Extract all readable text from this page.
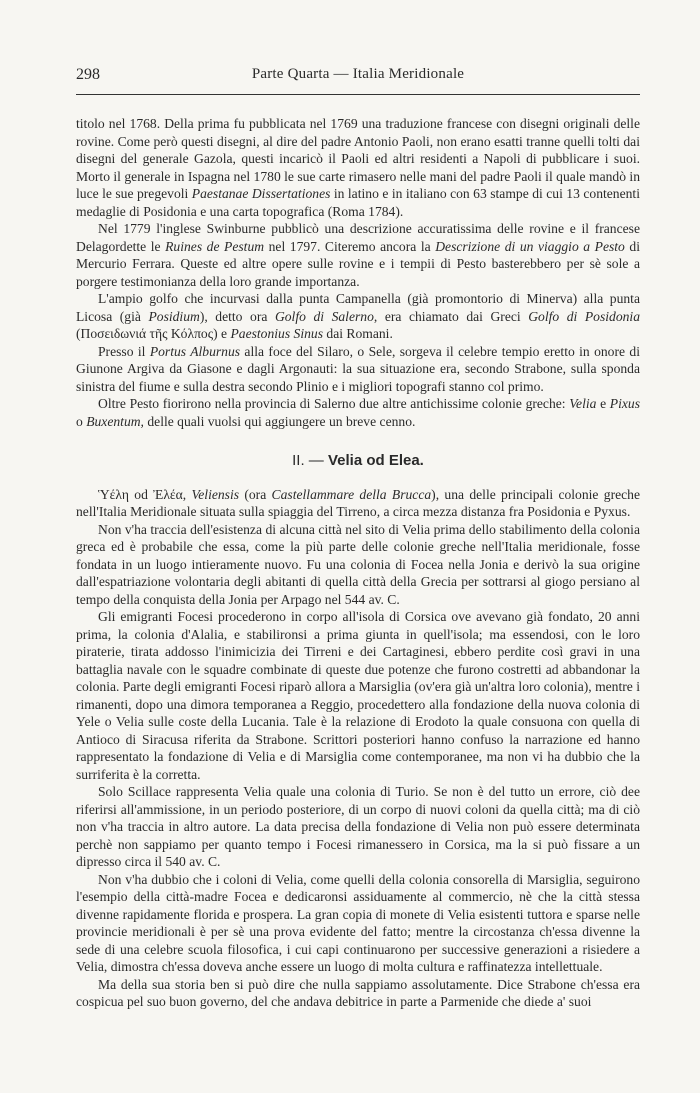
298	Parte Quarta — Italia Meridionale

titolo nel 1768. Della prima fu pubblicata nel 1769 una traduzione francese con disegni originali delle rovine. Come però questi disegni, al dire del padre Antonio Paoli, non erano esatti tranne quelli tolti dai disegni del generale Gazola, questi incaricò il Paoli ed altri residenti a Napoli di pubblicare i suoi. Morto il generale in Ispagna nel 1780 le sue carte rimasero nelle mani del padre Paoli il quale mandò in luce le sue pregevoli Paestanae Dissertationes in latino e in italiano con 63 stampe di cui 13 contenenti medaglie di Posidonia e una carta topografica (Roma 1784).

Nel 1779 l'inglese Swinburne pubblicò una descrizione accuratissima delle rovine e il francese Delagordette le Ruines de Pestum nel 1797. Citeremo ancora la Descrizione di un viaggio a Pesto di Mercurio Ferrara. Queste ed altre opere sulle rovine e i tempii di Pesto basterebbero per sè sole a porgere testimonianza della loro grande importanza.

L'ampio golfo che incurvasi dalla punta Campanella (già promontorio di Minerva) alla punta Licosa (già Posidium), detto ora Golfo di Salerno, era chiamato dai Greci Golfo di Posidonia (Ποσειδωνιά τῆς Κόλπος) e Paestonius Sinus dai Romani.

Presso il Portus Alburnus alla foce del Silaro, o Sele, sorgeva il celebre tempio eretto in onore di Giunone Argiva da Giasone e dagli Argonauti: la sua situazione era, secondo Strabone, sulla sponda sinistra del fiume e sulla destra secondo Plinio e i migliori topografi stanno col primo.

Oltre Pesto fiorirono nella provincia di Salerno due altre antichissime colonie greche: Velia e Pixus o Buxentum, delle quali vuolsi qui aggiungere un breve cenno.

II. — Velia od Elea.

Ὑέλη od Ἐλέα, Veliensis (ora Castellammare della Brucca), una delle principali colonie greche nell'Italia Meridionale situata sulla spiaggia del Tirreno, a circa mezza distanza fra Posidonia e Pyxus.

Non v'ha traccia dell'esistenza di alcuna città nel sito di Velia prima dello stabilimento della colonia greca ed è probabile che essa, come la più parte delle colonie greche nell'Italia meridionale, fosse fondata in un luogo intieramente nuovo. Fu una colonia di Focea nella Jonia e derivò la sua origine dall'espatriazione volontaria degli abitanti di quella città della Grecia per sottrarsi al giogo persiano al tempo della conquista della Jonia per Arpago nel 544 av. C.

Gli emigranti Focesi procederono in corpo all'isola di Corsica ove avevano già fondato, 20 anni prima, la colonia d'Alalia, e stabilironsi a prima giunta in quell'isola; ma essendosi, con le loro piraterie, tirata addosso l'inimicizia dei Tirreni e dei Cartaginesi, ebbero perdite così gravi in una battaglia navale con le squadre combinate di queste due potenze che furono costretti ad abbandonar la colonia. Parte degli emigranti Focesi riparò allora a Marsiglia (ov'era già un'altra loro colonia), mentre i rimanenti, dopo una dimora temporanea a Reggio, procedettero alla fondazione della nuova colonia di Yele o Velia sulle coste della Lucania. Tale è la relazione di Erodoto la quale consuona con quella di Antioco di Siracusa riferita da Strabone. Scrittori posteriori hanno confuso la narrazione ed hanno rappresentato la fondazione di Velia e di Marsiglia come contemporanee, ma non vi ha dubbio che la surriferita è la corretta.

Solo Scillace rappresenta Velia quale una colonia di Turio. Se non è del tutto un errore, ciò dee riferirsi all'ammissione, in un periodo posteriore, di un corpo di nuovi coloni da quella città; ma di ciò non v'ha traccia in altro autore. La data precisa della fondazione di Velia non può essere determinata perchè non sappiamo per quanto tempo i Focesi rimanessero in Corsica, ma la si può fissare a un dipresso circa il 540 av. C.

Non v'ha dubbio che i coloni di Velia, come quelli della colonia consorella di Marsiglia, seguirono l'esempio della città-madre Focea e dedicaronsi assiduamente al commercio, nè che la città stessa divenne rapidamente florida e prospera. La gran copia di monete di Velia esistenti tuttora e sparse nelle provincie meridionali è per sè una prova evidente del fatto; mentre la circostanza ch'essa divenne la sede di una celebre scuola filosofica, i cui capi continuarono per successive generazioni a risiedere a Velia, dimostra ch'essa doveva anche essere un luogo di molta cultura e raffinatezza intellettuale.

Ma della sua storia ben si può dire che nulla sappiamo assolutamente. Dice Strabone ch'essa era cospicua pel suo buon governo, del che andava debitrice in parte a Parmenide che diede a' suoi
